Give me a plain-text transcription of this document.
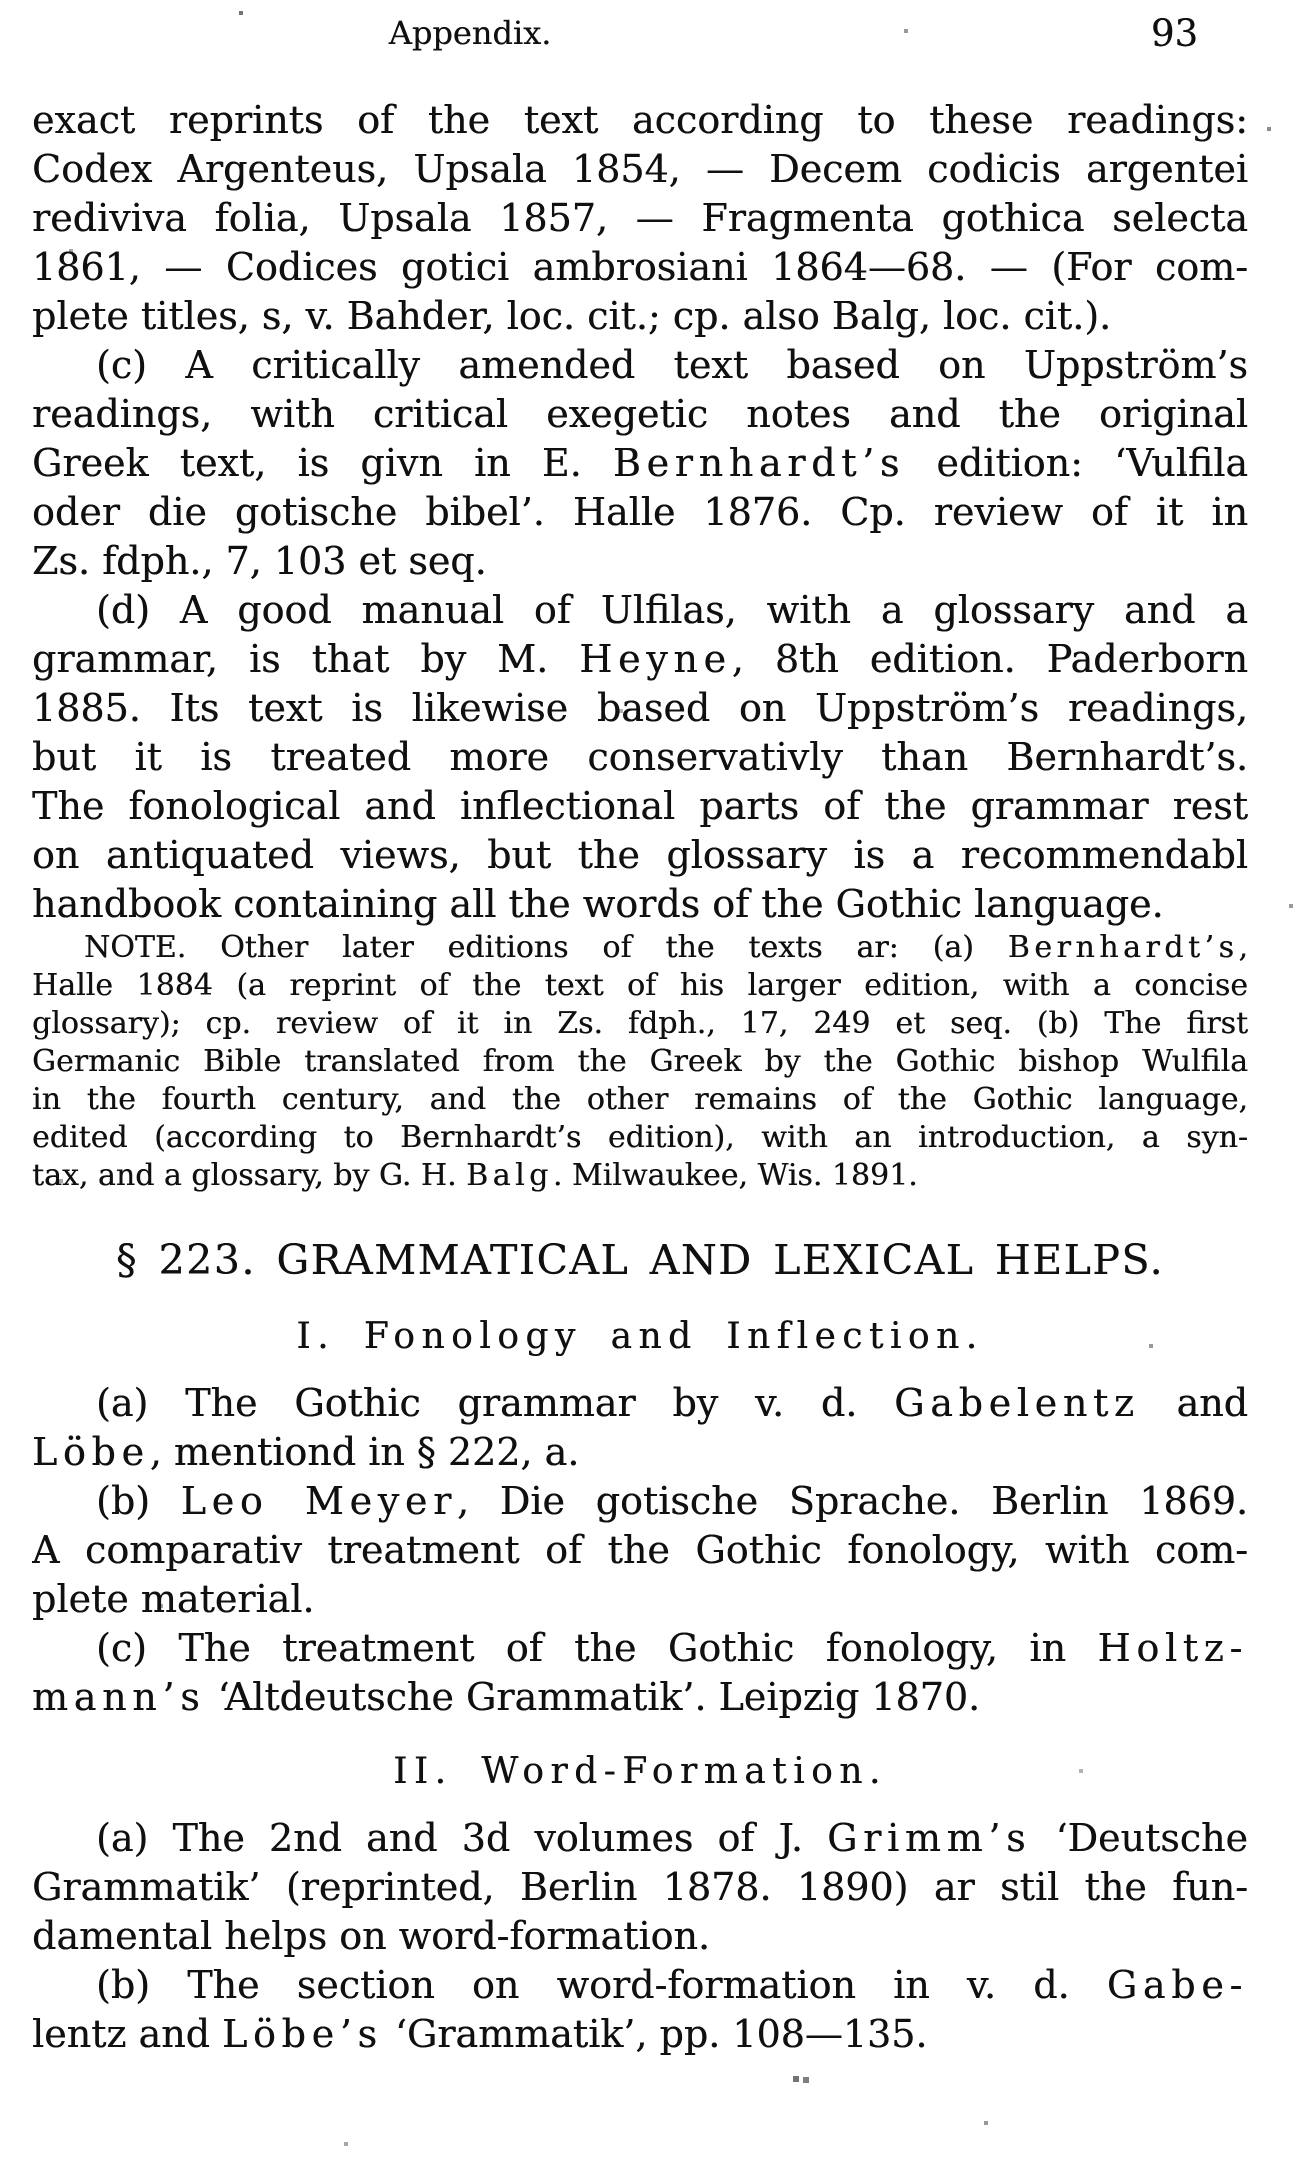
Appendix.	93
exact reprints of the text according to these readings:
Codex Argenteus, Upsala 1854, — Decem codicis argentei
rediviva folia, Upsala 1857, — Fragmenta gothica selecta
1861, — Codices gotici ambrosiani 1864—68. — (For com-
plete titles, s, v. Bahder, loc. cit.; cp. also Balg, loc. cit.).
(c) A critically amended text based on Uppström’s
readings, with critical exegetic notes and the original
Greek text, is givn in E. Bernhardt’s edition: ‘Vulfila
oder die gotische bibel’. Halle 1876. Cp. review of it in
Zs. fdph., 7, 103 et seq.
(d) A good manual of Ulfilas, with a glossary and a
grammar, is that by M. Heyne, 8th edition. Paderborn
1885. Its text is likewise based on Uppström’s readings,
but it is treated more conservativly than Bernhardt’s.
The fonological and inflectional parts of the grammar rest
on antiquated views, but the glossary is a recommendabl
handbook containing all the words of the Gothic language.
NOTE. Other later editions of the texts ar: (a) Bernhardt’s,
Halle 1884 (a reprint of the text of his larger edition, with a concise
glossary); cp. review of it in Zs. fdph., 17, 249 et seq. (b) The first
Germanic Bible translated from the Greek by the Gothic bishop Wulfila
in the fourth century, and the other remains of the Gothic language,
edited (according to Bernhardt’s edition), with an introduction, a syn-
tax, and a glossary, by G. H. Balg. Milwaukee, Wis. 1891.
§ 223. GRAMMATICAL AND LEXICAL HELPS.
I. Fonology and Inflection.
(a) The Gothic grammar by v. d. Gabelentz and
Löbe, mentiond in § 222, a.
(b) Leo Meyer, Die gotische Sprache. Berlin 1869.
A comparativ treatment of the Gothic fonology, with com-
plete material.
(c) The treatment of the Gothic fonology, in Holtz-
mann’s ‘Altdeutsche Grammatik’. Leipzig 1870.
II. Word-Formation.
(a) The 2nd and 3d volumes of J. Grimm’s ‘Deutsche
Grammatik’ (reprinted, Berlin 1878. 1890) ar stil the fun-
damental helps on word-formation.
(b) The section on word-formation in v. d. Gabe-
lentz and Löbe’s ‘Grammatik’, pp. 108—135.
